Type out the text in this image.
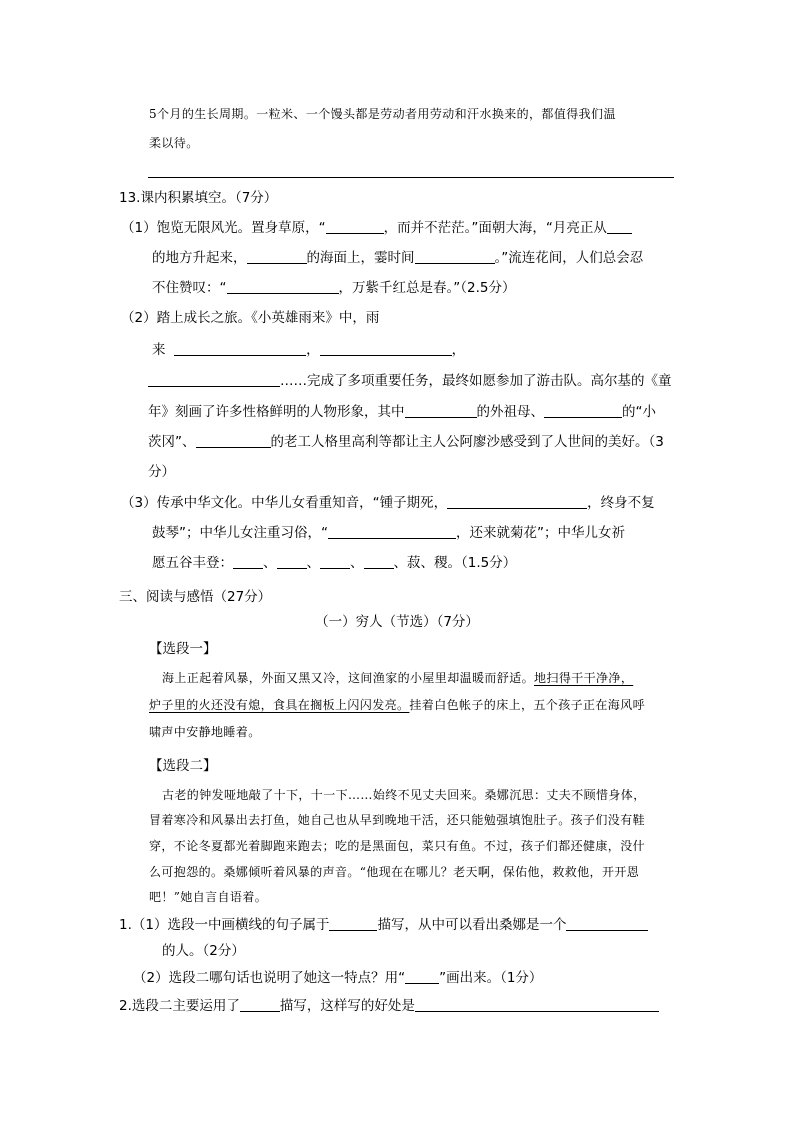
5个月的生长周期。一粒米、一个馒头都是劳动者用劳动和汗水换来的，都值得我们温
柔以待。
13.课内积累填空。（7分）
（1）饱览无限风光。置身草原，“	，而并不茫茫。”面朝大海，“月亮正从
的地方升起来，	的海面上，霎时间	。”流连花间，人们总会忍
不住赞叹：“	，万紫千红总是春。”（2.5分）
（2）踏上成长之旅。《小英雄雨来》中，雨
来	，	，
……完成了多项重要任务，最终如愿参加了游击队。高尔基的《童
年》刻画了许多性格鲜明的人物形象，其中	的外祖母、	的“小
茨冈”、	的老工人格里高利等都让主人公阿廖沙感受到了人世间的美好。（3
分）
（3）传承中华文化。中华儿女看重知音，“锺子期死，	，终身不复
鼓琴”；中华儿女注重习俗，“	，还来就菊花”；中华儿女祈
愿五谷丰登： 、 、 、 、菽、稷。（1.5分）
三、阅读与感悟（27分）
（一）穷人（节选）（7分）
【选段一】
海上正起着风暴，外面又黑又冷，这间渔家的小屋里却温暖而舒适。地扫得干干净净，
炉子里的火还没有熄，食具在搁板上闪闪发亮。挂着白色帐子的床上，五个孩子正在海风呼
啸声中安静地睡着。
【选段二】
古老的钟发哑地敲了十下，十一下……始终不见丈夫回来。桑娜沉思：丈夫不顾惜身体，
冒着寒冷和风暴出去打鱼，她自己也从早到晚地干活，还只能勉强填饱肚子。孩子们没有鞋
穿，不论冬夏都光着脚跑来跑去；吃的是黑面包，菜只有鱼。不过，孩子们都还健康，没什
么可抱怨的。桑娜倾听着风暴的声音。“他现在在哪儿？老天啊，保佑他，救救他，开开恩
吧！”她自言自语着。
1.（1）选段一中画横线的句子属于	描写，从中可以看出桑娜是一个
的人。（2分）
（2）选段二哪句话也说明了她这一特点？用“	”画出来。（1分）
2.选段二主要运用了	描写，这样写的好处是
